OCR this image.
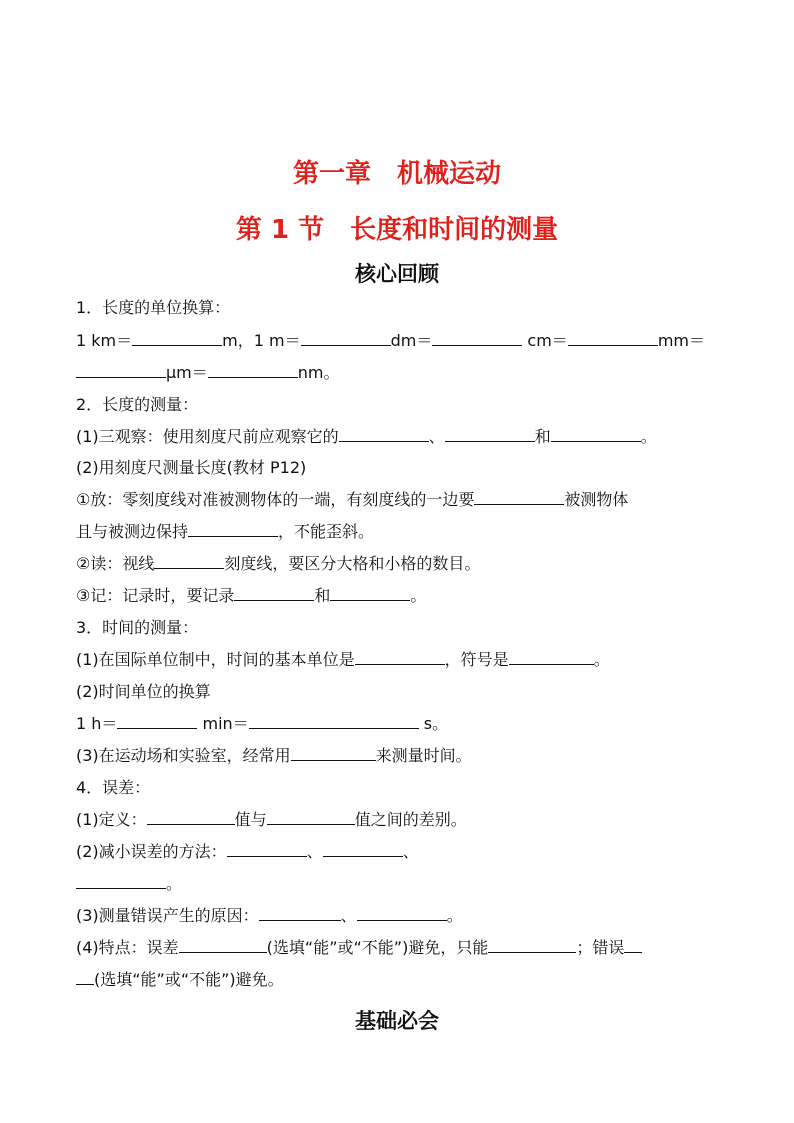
第一章　机械运动
第 1 节　长度和时间的测量
核心回顾
1．长度的单位换算：
1 km＝	m，1 m＝	dm＝	cm＝	mm＝
μm＝	nm。
2．长度的测量：
(1)三观察：使用刻度尺前应观察它的	、	和	。
(2)用刻度尺测量长度(教材 P12)
①放：零刻度线对准被测物体的一端，有刻度线的一边要	被测物体
且与被测边保持	，不能歪斜。
②读：视线	刻度线，要区分大格和小格的数目。
③记：记录时，要记录	和	。
3．时间的测量：
(1)在国际单位制中，时间的基本单位是	，符号是	。
(2)时间单位的换算
1 h＝	min＝	s。
(3)在运动场和实验室，经常用	来测量时间。
4．误差：
(1)定义：	值与	值之间的差别。
(2)减小误差的方法：	、	、
。
(3)测量错误产生的原因：	、	。
(4)特点：误差	(选填“能”或“不能”)避免，只能	；错误
(选填“能”或“不能”)避免。
基础必会
